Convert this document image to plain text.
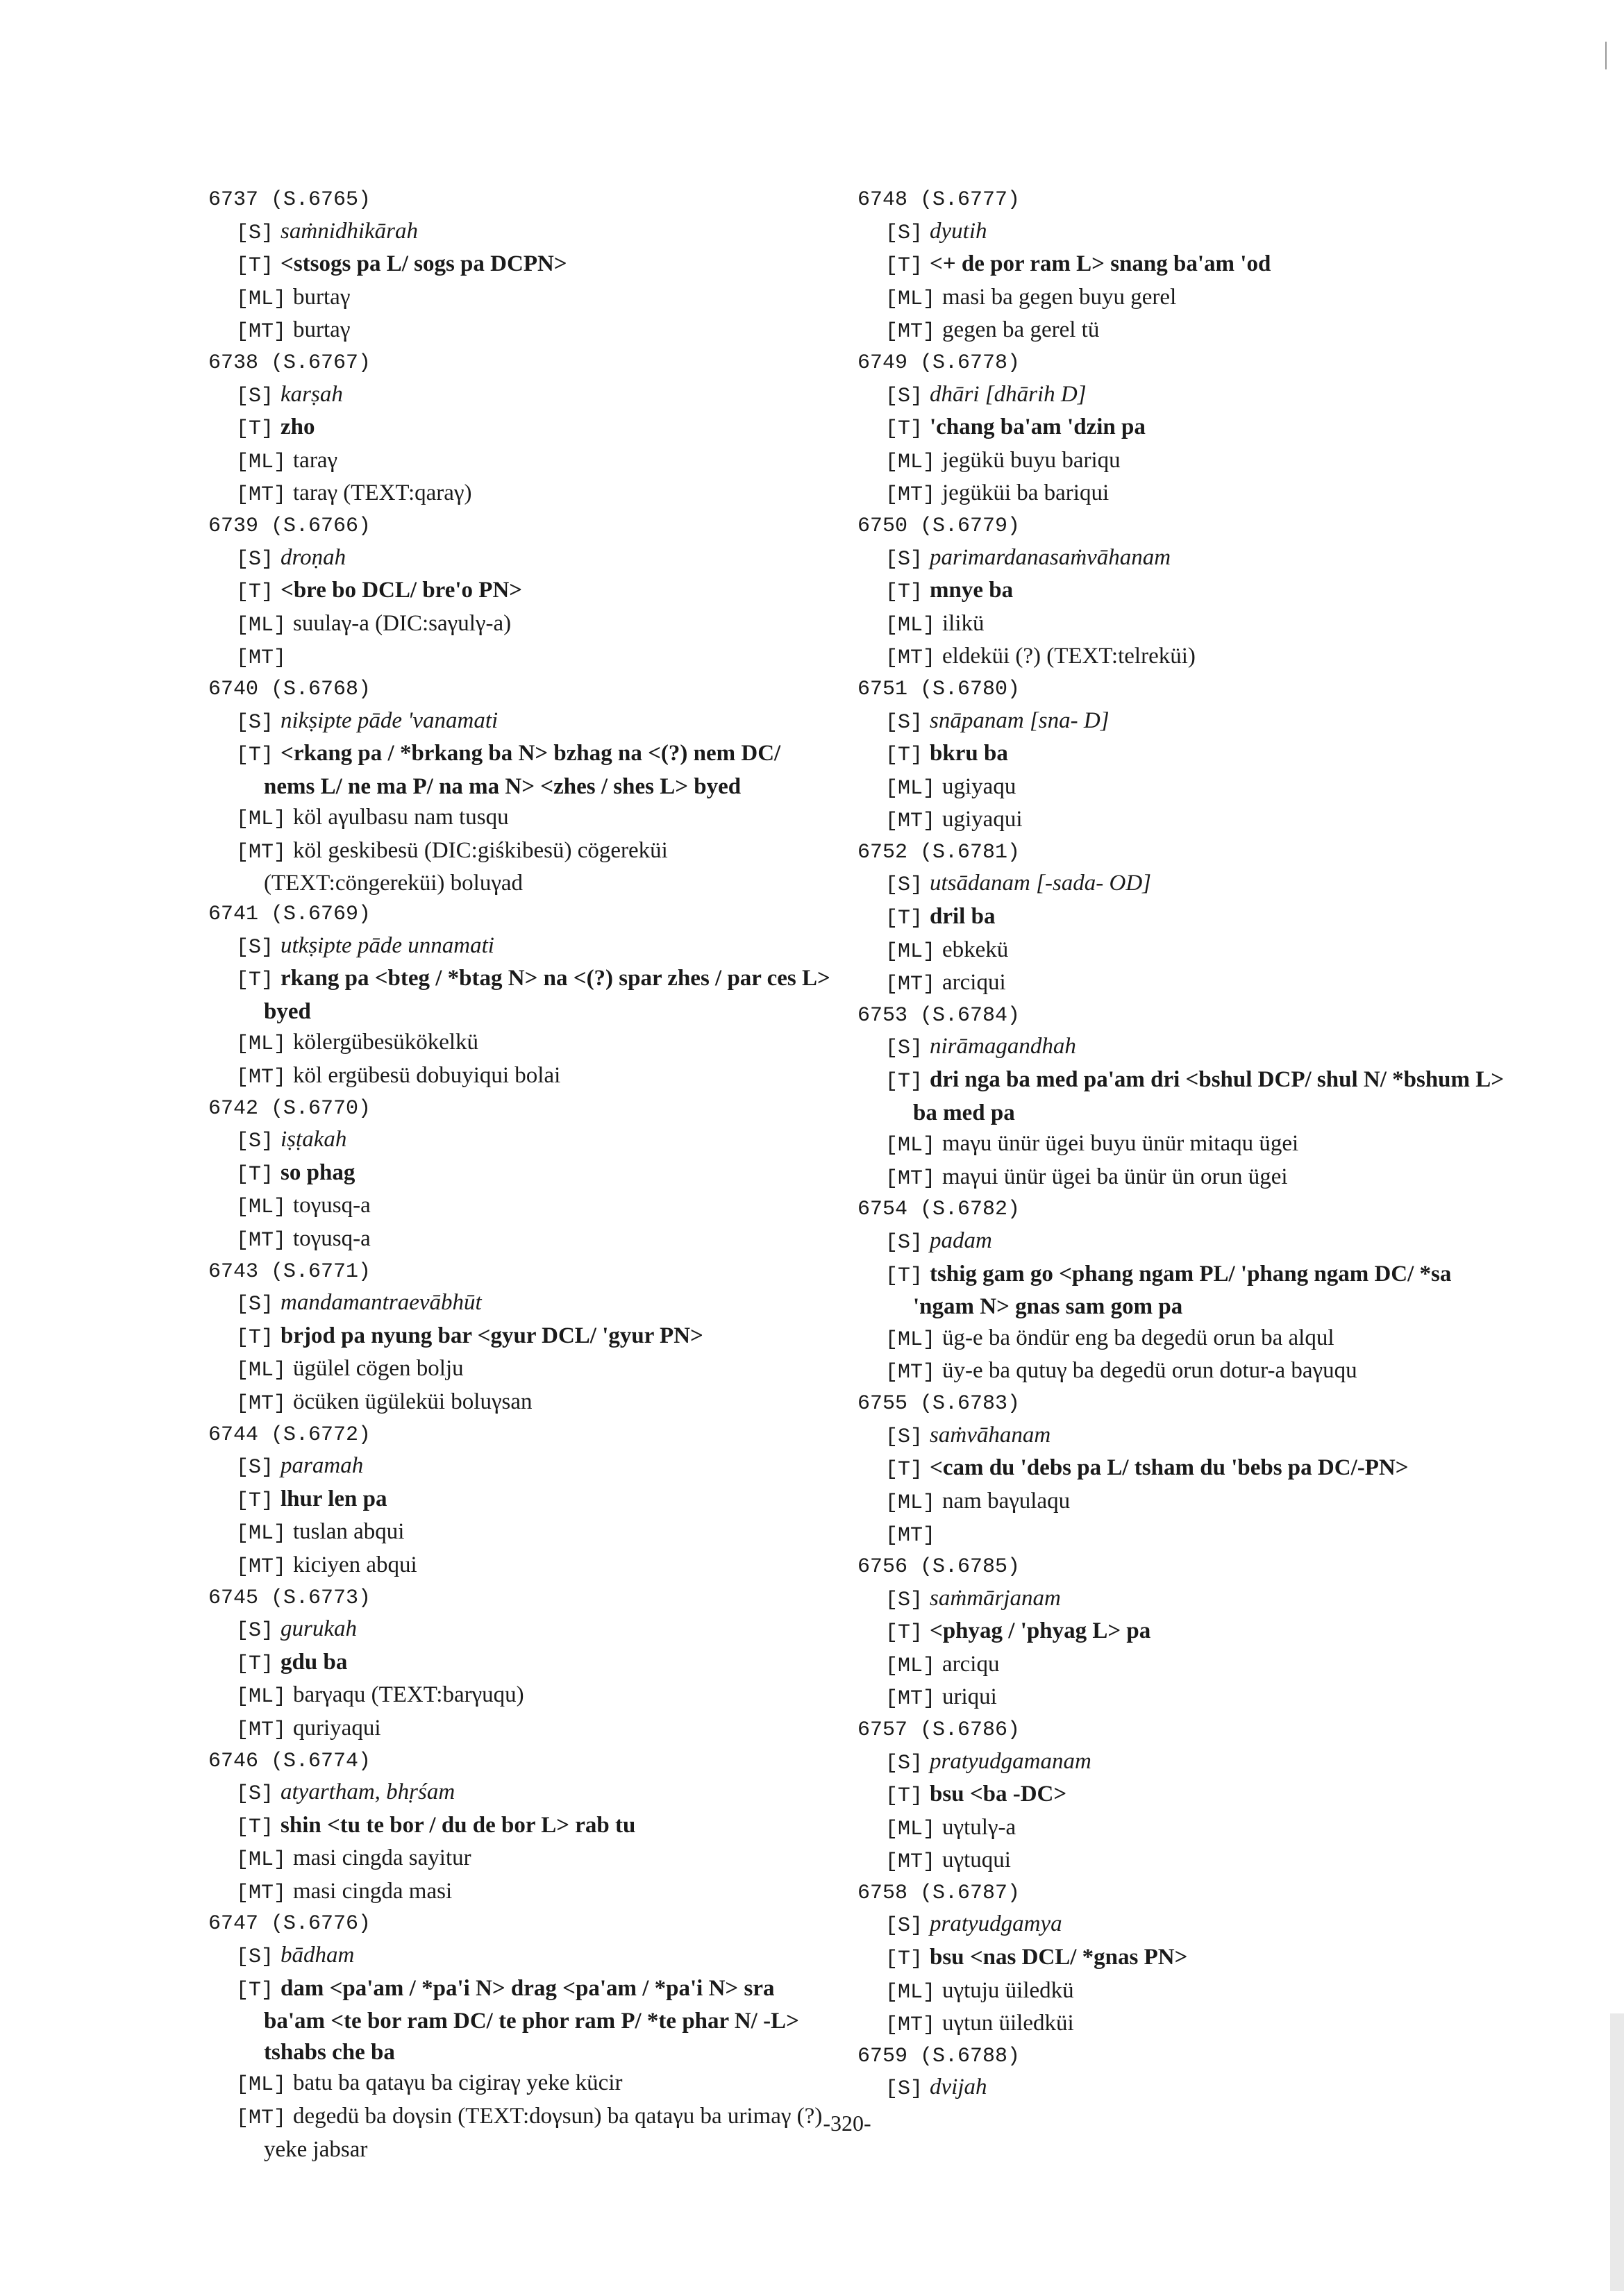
6737 (S.6765)
[S] saṁnidhikārah
[T] <stsogs pa L/ sogs pa DCPN>
[ML] burtaγ
[MT] burtaγ
6738 (S.6767)
[S] karṣah
[T] zho
[ML] taraγ
[MT] taraγ (TEXT:qaraγ)
6739 (S.6766)
[S] droṇah
[T] <bre bo DCL/ bre'o PN>
[ML] suulaγ-a (DIC:saγulγ-a)
[MT]
6740 (S.6768)
[S] nikṣipte pāde 'vanamati
[T] <rkang pa / *brkang ba N> bzhag na <(?) nem DC/ nems L/ ne ma P/ na ma N> <zhes / shes L> byed
[ML] köl aγulbasu nam tusqu
[MT] köl geskibesü (DIC:giśkibesü) cögereküi (TEXT:cöngereküi) boluγad
6741 (S.6769)
[S] utkṣipte pāde unnamati
[T] rkang pa <bteg / *btag N> na <(?) spar zhes / par ces L> byed
[ML] kölergübesükökelkü
[MT] köl ergübesü dobuyiqui bolai
6742 (S.6770)
[S] iṣṭakah
[T] so phag
[ML] toγusq-a
[MT] toγusq-a
6743 (S.6771)
[S] mandamantraevābhūt
[T] brjod pa nyung bar <gyur DCL/ 'gyur PN>
[ML] ügülel cögen bolju
[MT] öcüken ügüleküi boluγsan
6744 (S.6772)
[S] paramah
[T] lhur len pa
[ML] tuslan abqui
[MT] kiciyen abqui
6745 (S.6773)
[S] gurukah
[T] gdu ba
[ML] barγaqu (TEXT:barγuqu)
[MT] quriyaqui
6746 (S.6774)
[S] atyartham, bhṛśam
[T] shin <tu te bor / du de bor L> rab tu
[ML] masi cingda sayitur
[MT] masi cingda masi
6747 (S.6776)
[S] bādham
[T] dam <pa'am / *pa'i N> drag <pa'am / *pa'i N> sra ba'am <te bor ram DC/ te phor ram P/ *te phar N/ -L> tshabs che ba
[ML] batu ba qataγu ba cigiraγ yeke kücir
[MT] degedü ba doγsin (TEXT:doγsun) ba qataγu ba urimaγ (?) yeke jabsar
6748 (S.6777)
[S] dyutih
[T] <+ de por ram L> snang ba'am 'od
[ML] masi ba gegen buyu gerel
[MT] gegen ba gerel tü
6749 (S.6778)
[S] dhāri [dhārih D]
[T] 'chang ba'am 'dzin pa
[ML] jegükü buyu bariqu
[MT] jegüküi ba bariqui
6750 (S.6779)
[S] parimardanasaṁvāhanam
[T] mnye ba
[ML] ilikü
[MT] eldeküi (?) (TEXT:telreküi)
6751 (S.6780)
[S] snāpanam [sna- D]
[T] bkru ba
[ML] ugiyaqu
[MT] ugiyaqui
6752 (S.6781)
[S] utsādanam [-sada- OD]
[T] dril ba
[ML] ebkekü
[MT] arciqui
6753 (S.6784)
[S] nirāmagandhah
[T] dri nga ba med pa'am dri <bshul DCP/ shul N/ *bshum L> ba med pa
[ML] maγu ünür ügei buyu ünür mitaqu ügei
[MT] maγui ünür ügei ba ünür ün orun ügei
6754 (S.6782)
[S] padam
[T] tshig gam go <phang ngam PL/ 'phang ngam DC/ *sa 'ngam N> gnas sam gom pa
[ML] üg-e ba öndür eng ba degedü orun ba alqul
[MT] üy-e ba qutuγ ba degedü orun dotur-a baγuqu
6755 (S.6783)
[S] saṁvāhanam
[T] <cam du 'debs pa L/ tsham du 'bebs pa DC/-PN>
[ML] nam baγulaqu
[MT]
6756 (S.6785)
[S] saṁmārjanam
[T] <phyag / 'phyag L> pa
[ML] arciqu
[MT] uriqui
6757 (S.6786)
[S] pratyudgamanam
[T] bsu <ba -DC>
[ML] uγtulγ-a
[MT] uγtuqui
6758 (S.6787)
[S] pratyudgamya
[T] bsu <nas DCL/ *gnas PN>
[ML] uγtuju üiledkü
[MT] uγtun üiledküi
6759 (S.6788)
[S] dvijah
-320-
